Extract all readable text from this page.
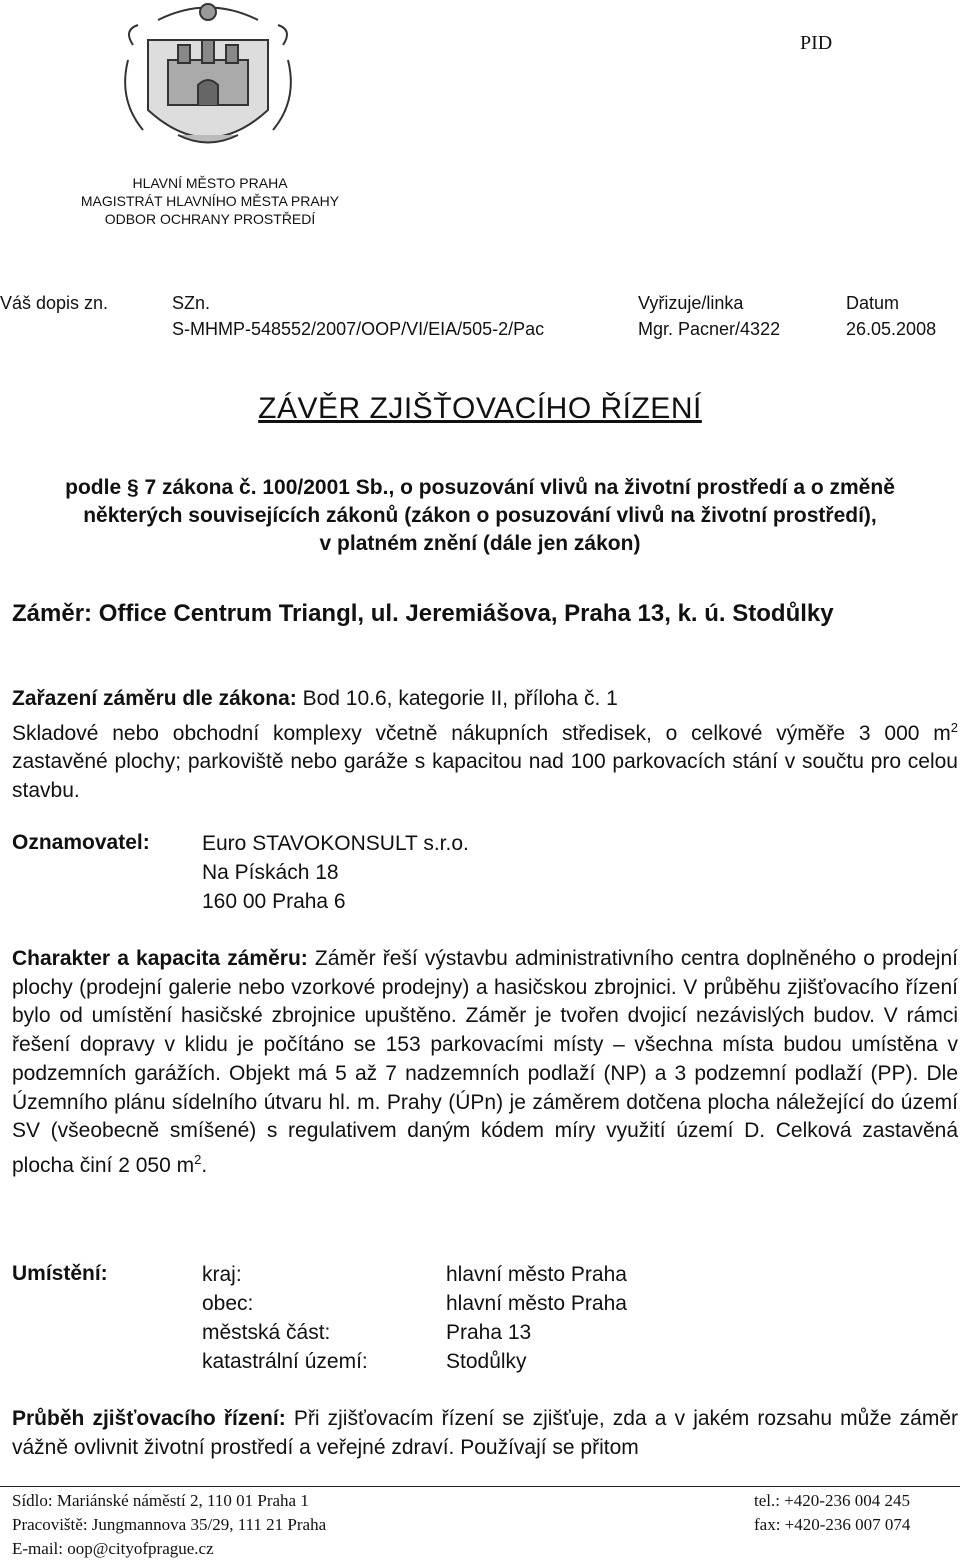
PID
HLAVNÍ MĚSTO PRAHA
MAGISTRÁT HLAVNÍHO MĚSTA PRAHY
ODBOR OCHRANY PROSTŘEDÍ
Váš dopis zn.	SZn.
S-MHMP-548552/2007/OOP/VI/EIA/505-2/Pac
Vyřizuje/linka
Mgr. Pacner/4322
Datum
26.05.2008
ZÁVĚR ZJIŠŤOVACÍHO ŘÍZENÍ
podle § 7 zákona č. 100/2001 Sb., o posuzování vlivů na životní prostředí a o změně
některých souvisejících zákonů (zákon o posuzování vlivů na životní prostředí),
v platném znění (dále jen zákon)
Záměr: Office Centrum Triangl, ul. Jeremiášova, Praha 13, k. ú. Stodůlky
Zařazení záměru dle zákona: Bod 10.6, kategorie II, příloha č. 1
Skladové nebo obchodní komplexy včetně nákupních středisek, o celkové výměře 3 000 $m^2$ zastavěné plochy; parkoviště nebo garáže s kapacitou nad 100 parkovacích stání v součtu pro celou stavbu.
Oznamovatel: Euro STAVOKONSULT s.r.o.
Na Pískách 18
160 00 Praha 6
Charakter a kapacita záměru: Záměr řeší výstavbu administrativního centra doplněného o prodejní plochy (prodejní galerie nebo vzorkové prodejny) a hasičskou zbrojnici. V průběhu zjišťovacího řízení bylo od umístění hasičské zbrojnice upuštěno. Záměr je tvořen dvojicí nezávislých budov. V rámci řešení dopravy v klidu je počítáno se 153 parkovacími místy – všechna místa budou umístěna v podzemních garážích. Objekt má 5 až 7 nadzemních podlaží (NP) a 3 podzemní podlaží (PP). Dle Územního plánu sídelního útvaru hl. m. Prahy (ÚPn) je záměrem dotčena plocha náležející do území SV (všeobecně smíšené) s regulativem daným kódem míry využití území D. Celková zastavěná plocha činí 2 050 $m^2$.
Umístění:	kraj:
obec:
městská část:
katastrální území:
hlavní město Praha
hlavní město Praha
Praha 13
Stodůlky
Průběh zjišťovacího řízení: Při zjišťovacím řízení se zjišťuje, zda a v jakém rozsahu může záměr vážně ovlivnit životní prostředí a veřejné zdraví. Používají se přitom
Sídlo: Mariánské náměstí 2, 110 01 Praha 1
Pracoviště: Jungmannova 35/29, 111 21 Praha
E-mail: oop@cityofprague.cz
tel.: +420-236 004 245
fax: +420-236 007 074
